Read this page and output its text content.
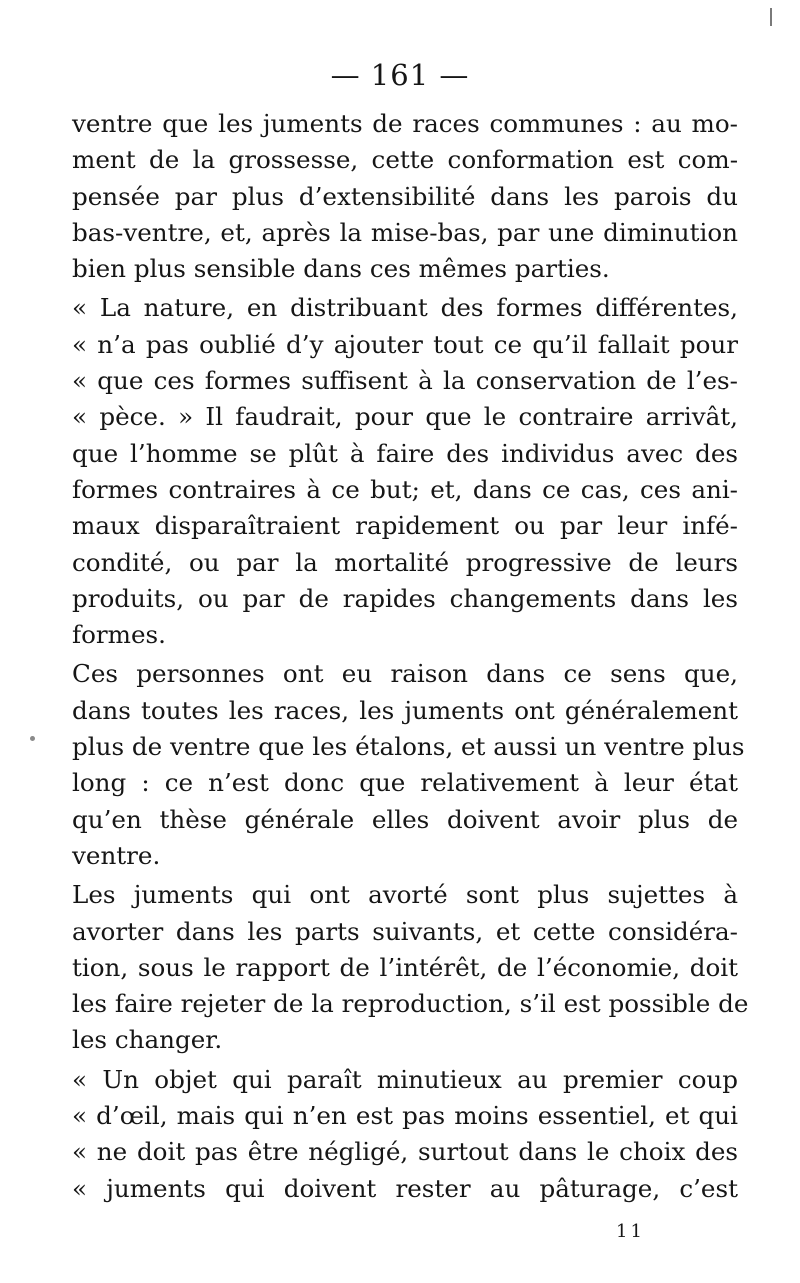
— 161 —

ventre que les juments de races communes : au mo-
ment de la grossesse, cette conformation est com-
pensée par plus d’extensibilité dans les parois du
bas-ventre, et, après la mise-bas, par une diminution
bien plus sensible dans ces mêmes parties.

« La nature, en distribuant des formes différentes,
« n’a pas oublié d’y ajouter tout ce qu’il fallait pour
« que ces formes suffisent à la conservation de l’es-
« pèce. » Il faudrait, pour que le contraire arrivât,
que l’homme se plût à faire des individus avec des
formes contraires à ce but; et, dans ce cas, ces ani-
maux disparaîtraient rapidement ou par leur infé-
condité, ou par la mortalité progressive de leurs
produits, ou par de rapides changements dans les
formes.

Ces personnes ont eu raison dans ce sens que,
dans toutes les races, les juments ont généralement
plus de ventre que les étalons, et aussi un ventre plus
long : ce n’est donc que relativement à leur état
qu’en thèse générale elles doivent avoir plus de
ventre.

Les juments qui ont avorté sont plus sujettes à
avorter dans les parts suivants, et cette considéra-
tion, sous le rapport de l’intérêt, de l’économie, doit
les faire rejeter de la reproduction, s’il est possible de
les changer.

« Un objet qui paraît minutieux au premier coup
« d’œil, mais qui n’en est pas moins essentiel, et qui
« ne doit pas être négligé, surtout dans le choix des
« juments qui doivent rester au pâturage, c’est

11
